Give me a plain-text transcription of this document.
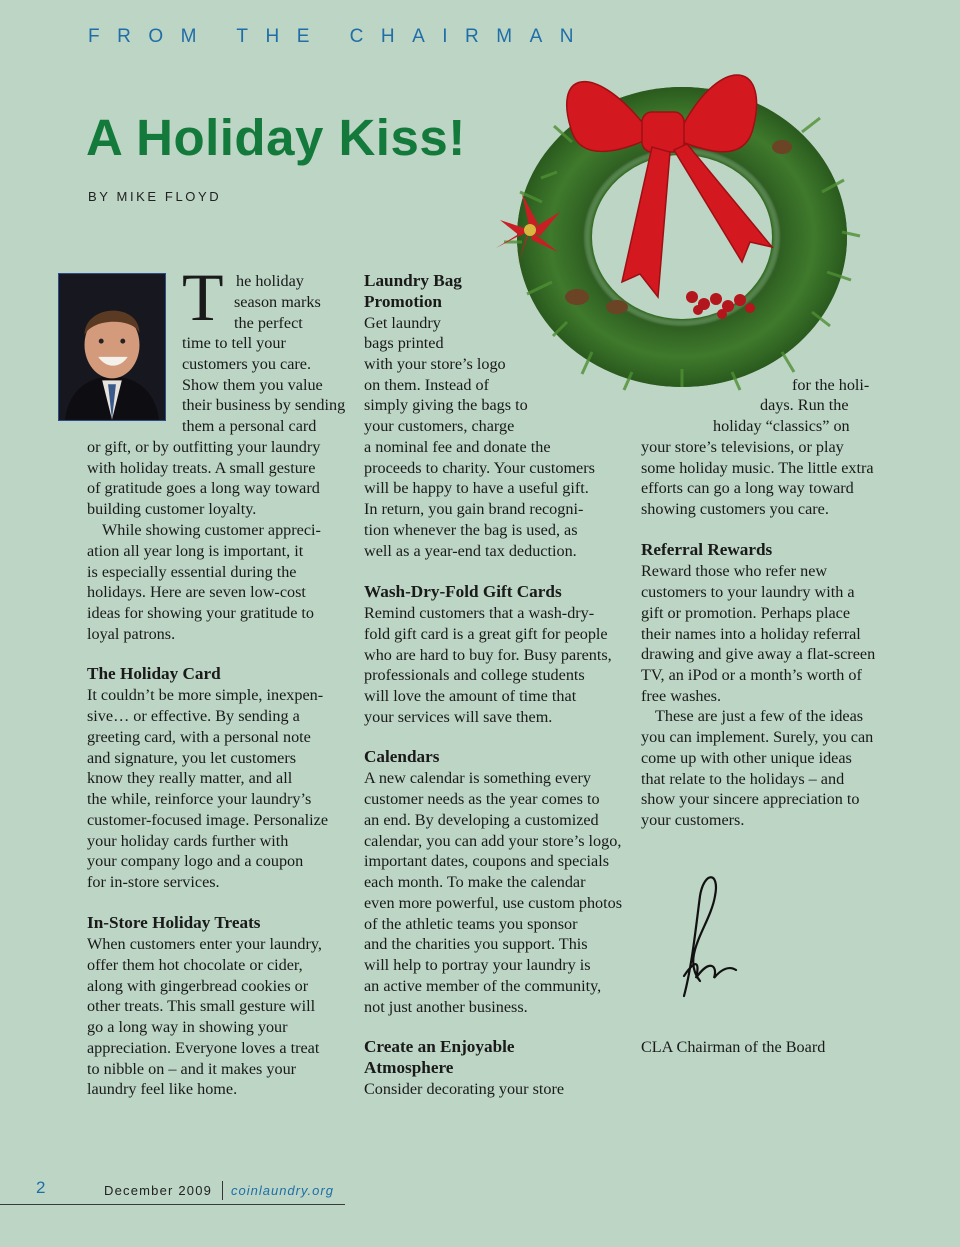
FROM THE CHAIRMAN
A Holiday Kiss!
BY MIKE FLOYD
T he holiday
season marks
the perfect
time to tell your
customers you care.
Show them you value
their business by sending
them a personal card
or gift, or by outfitting your laundry
with holiday treats. A small gesture
of gratitude goes a long way toward
building customer loyalty.
While showing customer appreci-
ation all year long is important, it
is especially essential during the
holidays. Here are seven low-cost
ideas for showing your gratitude to
loyal patrons.
The Holiday Card
It couldn’t be more simple, inexpen-
sive… or effective. By sending a
greeting card, with a personal note
and signature, you let customers
know they really matter, and all
the while, reinforce your laundry’s
customer-focused image. Personalize
your holiday cards further with
your company logo and a coupon
for in-store services.
In-Store Holiday Treats
When customers enter your laundry,
offer them hot chocolate or cider,
along with gingerbread cookies or
other treats. This small gesture will
go a long way in showing your
appreciation. Everyone loves a treat
to nibble on – and it makes your
laundry feel like home.
Laundry Bag
Promotion
Get laundry
bags printed
with your store’s logo
on them. Instead of
simply giving the bags to
your customers, charge
a nominal fee and donate the
proceeds to charity. Your customers
will be happy to have a useful gift.
In return, you gain brand recogni-
tion whenever the bag is used, as
well as a year-end tax deduction.
Wash-Dry-Fold Gift Cards
Remind customers that a wash-dry-
fold gift card is a great gift for people
who are hard to buy for. Busy parents,
professionals and college students
will love the amount of time that
your services will save them.
Calendars
A new calendar is something every
customer needs as the year comes to
an end. By developing a customized
calendar, you can add your store’s logo,
important dates, coupons and specials
each month. To make the calendar
even more powerful, use custom photos
of the athletic teams you sponsor
and the charities you support. This
will help to portray your laundry is
an active member of the community,
not just another business.
Create an Enjoyable
Atmosphere
Consider decorating your store
for the holi-
days. Run the
holiday “classics” on
your store’s televisions, or play
some holiday music. The little extra
efforts can go a long way toward
showing customers you care.
Referral Rewards
Reward those who refer new
customers to your laundry with a
gift or promotion. Perhaps place
their names into a holiday referral
drawing and give away a flat-screen
TV, an iPod or a month’s worth of
free washes.
These are just a few of the ideas
you can implement. Surely, you can
come up with other unique ideas
that relate to the holidays – and
show your sincere appreciation to
your customers.
CLA Chairman of the Board
2	December 2009 coinlaundry.org
